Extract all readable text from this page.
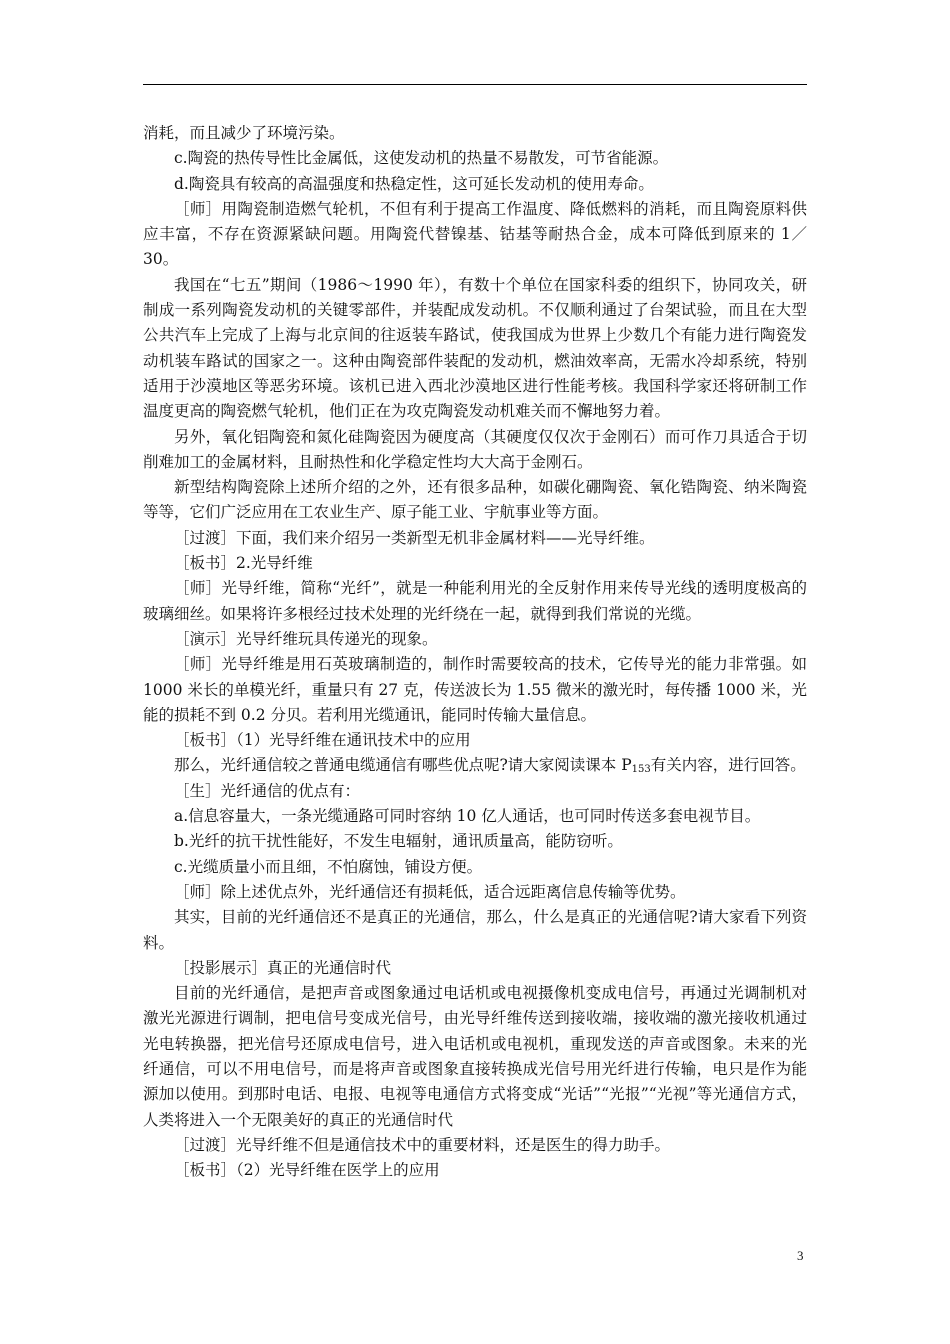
消耗，而且减少了环境污染。

c.陶瓷的热传导性比金属低，这使发动机的热量不易散发，可节省能源。

d.陶瓷具有较高的高温强度和热稳定性，这可延长发动机的使用寿命。

［师］用陶瓷制造燃气轮机，不但有利于提高工作温度、降低燃料的消耗，而且陶瓷原料供应丰富，不存在资源紧缺问题。用陶瓷代替镍基、钴基等耐热合金，成本可降低到原来的 1／30。

我国在“七五”期间（1986～1990 年），有数十个单位在国家科委的组织下，协同攻关，研制成一系列陶瓷发动机的关键零部件，并装配成发动机。不仅顺利通过了台架试验，而且在大型公共汽车上完成了上海与北京间的往返装车路试，使我国成为世界上少数几个有能力进行陶瓷发动机装车路试的国家之一。这种由陶瓷部件装配的发动机，燃油效率高，无需水冷却系统，特别适用于沙漠地区等恶劣环境。该机已进入西北沙漠地区进行性能考核。我国科学家还将研制工作温度更高的陶瓷燃气轮机，他们正在为攻克陶瓷发动机难关而不懈地努力着。

另外，氧化铝陶瓷和氮化硅陶瓷因为硬度高（其硬度仅仅次于金刚石）而可作刀具适合于切削难加工的金属材料，且耐热性和化学稳定性均大大高于金刚石。

新型结构陶瓷除上述所介绍的之外，还有很多品种，如碳化硼陶瓷、氧化锆陶瓷、纳米陶瓷等等，它们广泛应用在工农业生产、原子能工业、宇航事业等方面。

［过渡］下面，我们来介绍另一类新型无机非金属材料——光导纤维。

［板书］2.光导纤维

［师］光导纤维，简称“光纤”，就是一种能利用光的全反射作用来传导光线的透明度极高的玻璃细丝。如果将许多根经过技术处理的光纤绕在一起，就得到我们常说的光缆。

［演示］光导纤维玩具传递光的现象。

［师］光导纤维是用石英玻璃制造的，制作时需要较高的技术，它传导光的能力非常强。如 1000 米长的单模光纤，重量只有 27 克，传送波长为 1.55 微米的激光时，每传播 1000 米，光能的损耗不到 0.2 分贝。若利用光缆通讯，能同时传输大量信息。

［板书］（1）光导纤维在通讯技术中的应用

那么，光纤通信较之普通电缆通信有哪些优点呢?请大家阅读课本 $P_{153}$有关内容，进行回答。

［生］光纤通信的优点有：

a.信息容量大，一条光缆通路可同时容纳 10 亿人通话，也可同时传送多套电视节目。

b.光纤的抗干扰性能好，不发生电辐射，通讯质量高，能防窃听。

c.光缆质量小而且细，不怕腐蚀，铺设方便。

［师］除上述优点外，光纤通信还有损耗低，适合远距离信息传输等优势。

其实，目前的光纤通信还不是真正的光通信，那么，什么是真正的光通信呢?请大家看下列资料。

［投影展示］真正的光通信时代

目前的光纤通信，是把声音或图象通过电话机或电视摄像机变成电信号，再通过光调制机对激光光源进行调制，把电信号变成光信号，由光导纤维传送到接收端，接收端的激光接收机通过光电转换器，把光信号还原成电信号，进入电话机或电视机，重现发送的声音或图象。未来的光纤通信，可以不用电信号，而是将声音或图象直接转换成光信号用光纤进行传输，电只是作为能源加以使用。到那时电话、电报、电视等电通信方式将变成“光话”“光报”“光视”等光通信方式，人类将进入一个无限美好的真正的光通信时代

［过渡］光导纤维不但是通信技术中的重要材料，还是医生的得力助手。

［板书］（2）光导纤维在医学上的应用

3
